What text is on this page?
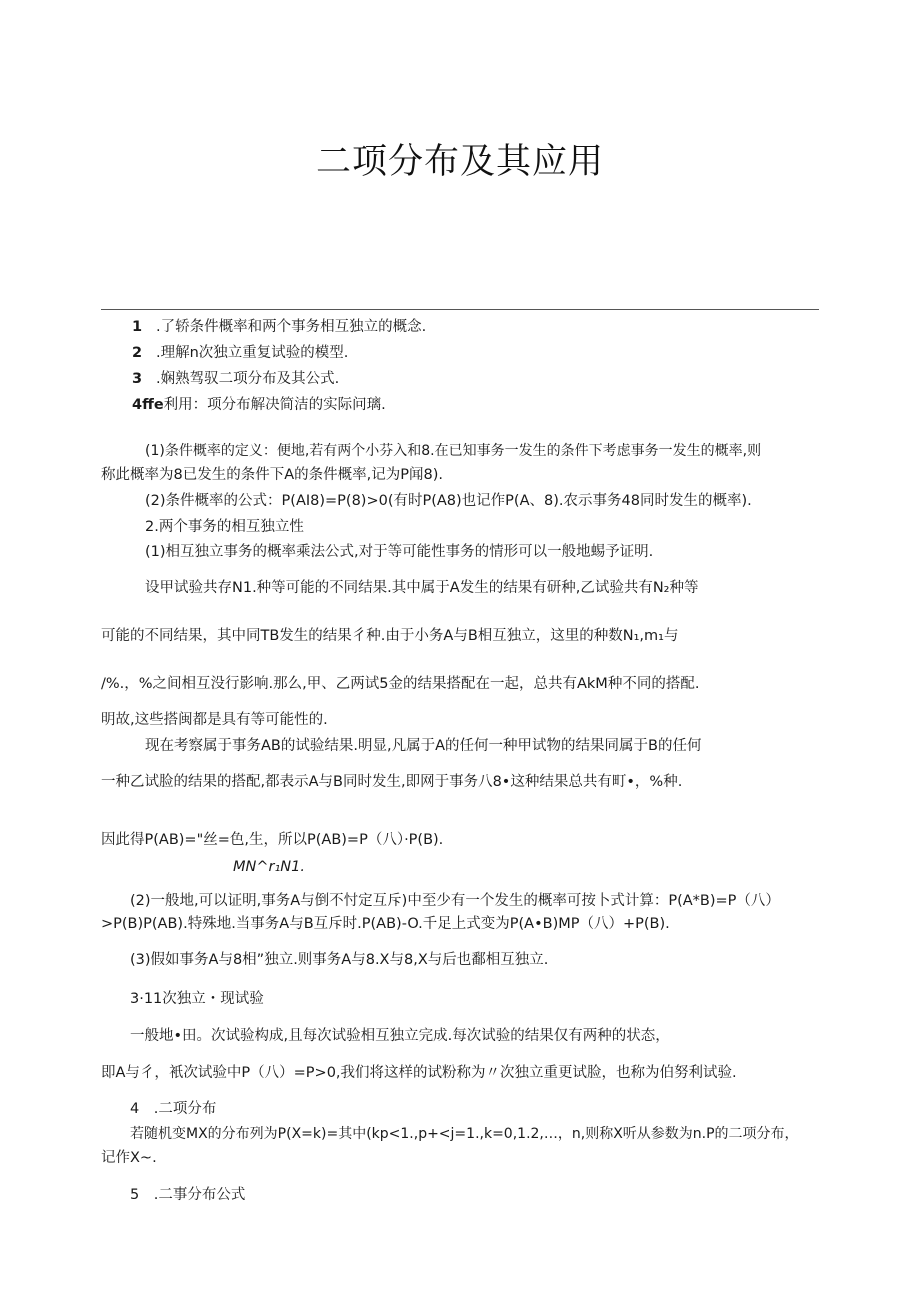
二项分布及其应用
1 .了轿条件概率和两个事务相互独立的概念.
2 .理解n次独立重复试验的模型.
3 .娴熟驾驭二项分布及其公式.
4ffe利用：项分布解决简洁的实际问璃.
(1)条件概率的定义：便地,若有两个小芬入和8.在已知事务一发生的条件下考虑事务一发生的概率,则
称此概率为8已发生的条件下A的条件概率,记为P闻8).
(2)条件概率的公式：P(AI8)=P(8)>0(有时P(A8)也记作P(A、8).农示事务48同时发生的概率).
2.两个事务的相互独立性
(1)相互独立事务的概率乘法公式,对于等可能性事务的情形可以一般地蜴予证明.
设甲试验共存N1.种等可能的不同结果.其中属于A发生的结果有研种,乙试验共有N₂种等
可能的不同结果，其中同TB发生的结果彳种.由于小务A与B相互独立，这里的种数N₁,m₁与
/%.，%之间相互没行影响.那么,甲、乙两试5金的结果搭配在一起，总共有AkM种不同的搭配.
明故,这些搭闽都是具有等可能性的.
现在考察属于事务AB的试验结果.明显,凡属于A的任何一种甲试物的结果同属于B的任何
一种乙试脸的结果的搭配,都表示A与B同时发生,即网于事务八8•这种结果总共有町•，%种.
因此得P(AB)="丝=色,生，所以P(AB)=P（八）·P(B).
MN^r₁N1.
(2)一般地,可以证明,事务A与倒不忖定互斥)中至少有一个发生的概率可按卜式计算：P(A*B)=P（八）
>P(B)P(AB).特殊地.当事务A与B互斥时.P(AB)-O.千足上式变为P(A•B)MP（八）+P(B).
(3)假如事务A与8相”独立.则事务A与8.X与8,X与后也鄱相互独立.
3·11次独立・现试验
一般地•田。次试验构成,且每次试验相互独立完成.每次试验的结果仅有两种的状态，
即A与彳，衹次试验中P（八）=P>0,我们将这样的试粉称为〃次独立重更试脸，也称为伯努利试验.
4　.二项分布
若随机变MX的分布列为P(X=k)=其中(kp<1.,p+<j=1.,k=0,1.2,…，n,则称X听从参数为n.P的二项分布，
记作X~.
5　.二事分布公式
